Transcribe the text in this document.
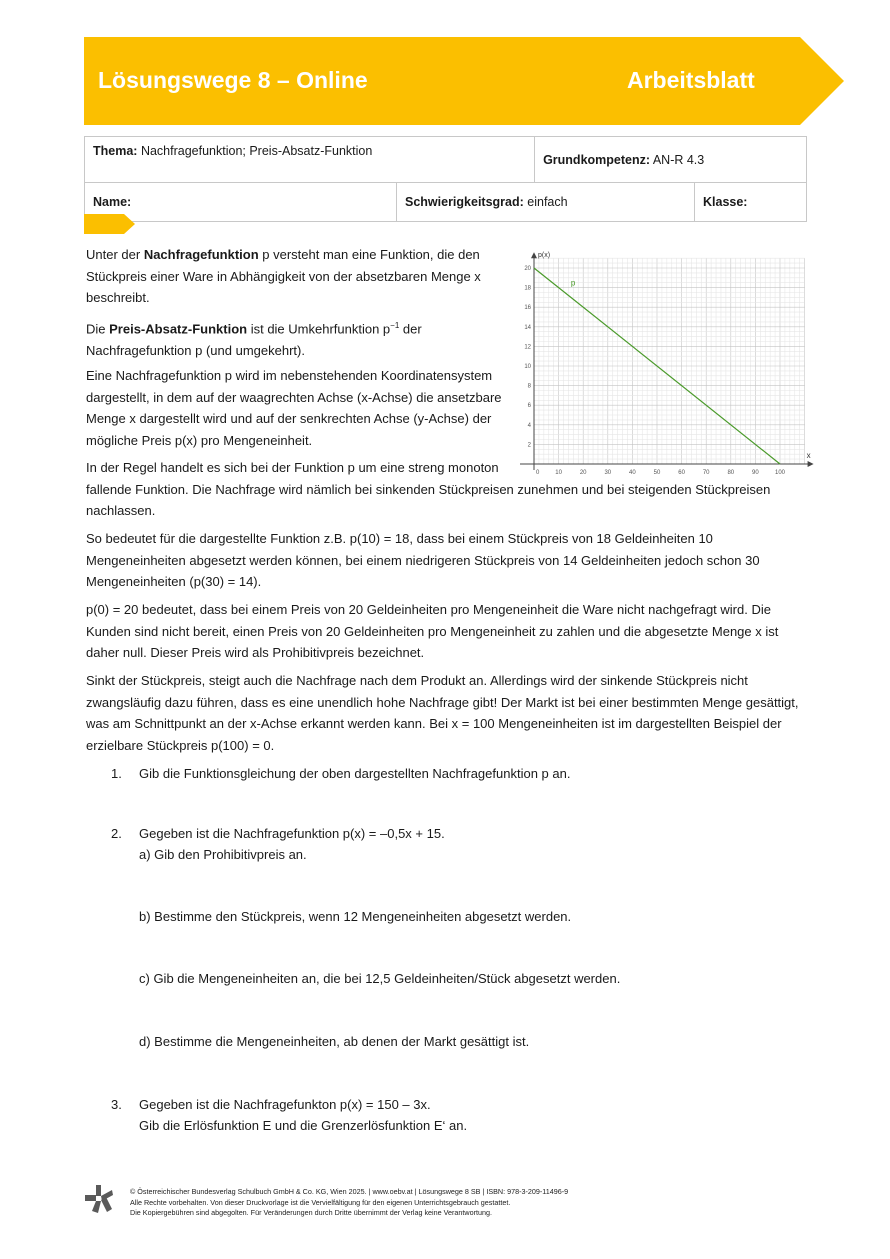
Lösungswege 8 – Online	Arbeitsblatt
Thema: Nachfragefunktion; Preis-Absatz-Funktion		Grundkompetenz: AN-R 4.3	
Name:	Schwierigkeitsgrad: einfach		Klasse:

Unter der Nachfragefunktion p versteht man eine Funktion, die den
Stückpreis einer Ware in Abhängigkeit von der absetzbaren Menge x
beschreibt.

Die Preis-Absatz-Funktion ist die Umkehrfunktion $p^{-1}$ der
Nachfragefunktion p (und umgekehrt).

Eine Nachfragefunktion p wird im nebenstehenden Koordinatensystem
dargestellt, in dem auf der waagrechten Achse (x-Achse) die ansetzbare
Menge x dargestellt wird und auf der senkrechten Achse (y-Achse) der
mögliche Preis p(x) pro Mengeneinheit.

In der Regel handelt es sich bei der Funktion p um eine streng monoton
fallende Funktion. Die Nachfrage wird nämlich bei sinkenden Stückpreisen zunehmen und bei steigenden Stückpreisen
nachlassen.

So bedeutet für die dargestellte Funktion z.B. p(10) = 18, dass bei einem Stückpreis von 18 Geldeinheiten 10
Mengeneinheiten abgesetzt werden können, bei einem niedrigeren Stückpreis von 14 Geldeinheiten jedoch schon 30
Mengeneinheiten (p(30) = 14).

p(0) = 20 bedeutet, dass bei einem Preis von 20 Geldeinheiten pro Mengeneinheit die Ware nicht nachgefragt wird. Die
Kunden sind nicht bereit, einen Preis von 20 Geldeinheiten pro Mengeneinheit zu zahlen und die abgesetzte Menge x ist
daher null. Dieser Preis wird als Prohibitivpreis bezeichnet.

Sinkt der Stückpreis, steigt auch die Nachfrage nach dem Produkt an. Allerdings wird der sinkende Stückpreis nicht
zwangsläufig dazu führen, dass es eine unendlich hohe Nachfrage gibt! Der Markt ist bei einer bestimmten Menge gesättigt,
was am Schnittpunkt an der x-Achse erkannt werden kann. Bei x = 100 Mengeneinheiten ist im dargestellten Beispiel der
erzielbare Stückpreis p(100) = 0.

x
p(x)
0	10	20	30	40	50	60	70	80	90	100
2
4
6
8
10
12
14
16
18
20
p
1. Gib die Funktionsgleichung der oben dargestellten Nachfragefunktion p an.

2. Gegeben ist die Nachfragefunktion p(x) = –0,5x + 15.

a) Gib den Prohibitivpreis an.

b) Bestimme den Stückpreis, wenn 12 Mengeneinheiten abgesetzt werden.

c) Gib die Mengeneinheiten an, die bei 12,5 Geldeinheiten/Stück abgesetzt werden.

d) Bestimme die Mengeneinheiten, ab denen der Markt gesättigt ist.

3. Gegeben ist die Nachfragefunkton p(x) = 150 – 3x.

Gib die Erlösfunktion E und die Grenzerlösfunktion E‘ an.

© Österreichischer Bundesverlag Schulbuch GmbH & Co. KG, Wien 2025. | www.oebv.at | Lösungswege 8 SB | ISBN: 978-3-209-11496-9
Alle Rechte vorbehalten. Von dieser Druckvorlage ist die Vervielfältigung für den eigenen Unterrichtsgebrauch gestattet.
Die Kopiergebühren sind abgegolten. Für Veränderungen durch Dritte übernimmt der Verlag keine Verantwortung.
